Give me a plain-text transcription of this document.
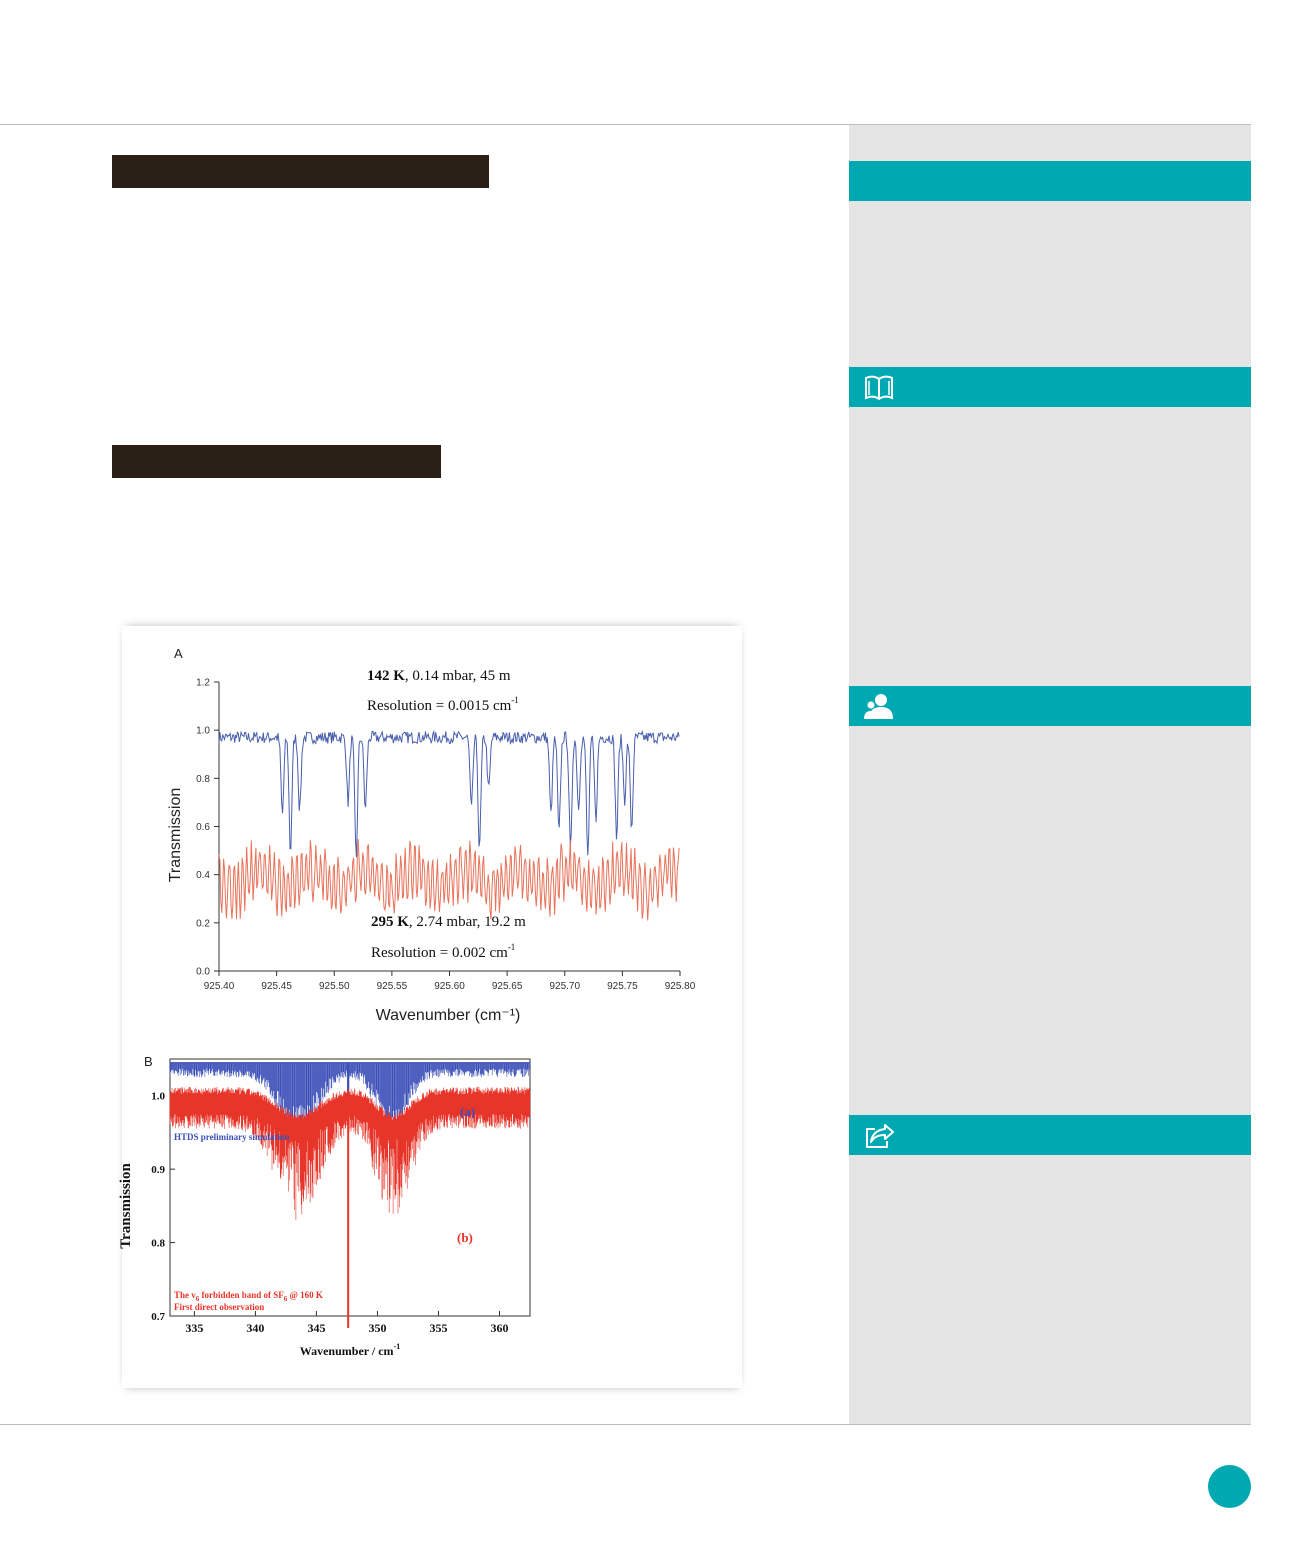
925.40	925.45	925.50	925.55	925.60	925.65	925.70	925.75	925.80
0.0
0.2
0.4
0.6
0.8
1.0
1.2
A
142 K, 0.14 mbar, 45 m
Resolution = 0.0015 $cm^{-1}$
295 K, 2.74 mbar, 19.2 m
Resolution = 0.002 $cm^{-1}$
Wavenumber (cm⁻¹)
Transmission
335	340	345	350	355	360
0.7
0.8
0.9
1.0
B
HTDS preliminary simulation
(a)
(b)
The $v_6$ forbidden band of $SF_6$ @ 160 K
First direct observation
Wavenumber / $cm^{-1}$
Transmission
